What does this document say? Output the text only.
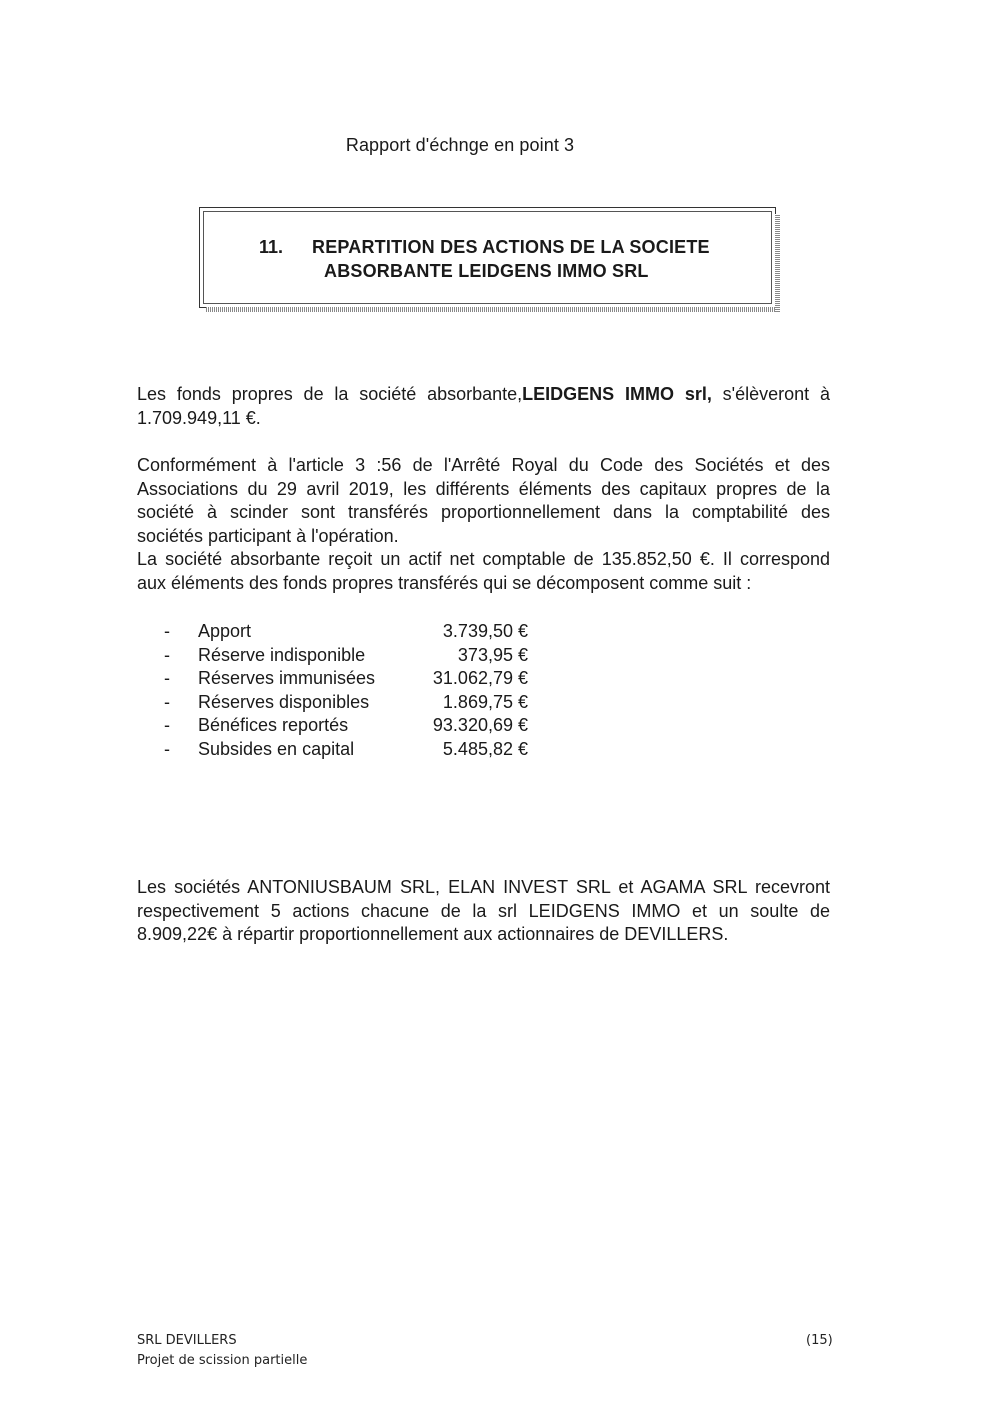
Rapport d'échnge en point 3
11. REPARTITION DES ACTIONS DE LA SOCIETE
ABSORBANTE LEIDGENS IMMO SRL
Les fonds propres de la société absorbante,LEIDGENS IMMO srl, s'élèveront à
1.709.949,11 €.
Conformément à l'article 3 :56 de l'Arrêté Royal du Code des Sociétés et des
Associations du 29 avril 2019, les différents éléments des capitaux propres de la
société à scinder sont transférés proportionnellement dans la comptabilité des
sociétés participant à l'opération.
La société absorbante reçoit un actif net comptable de 135.852,50 €. Il correspond
aux éléments des fonds propres transférés qui se décomposent comme suit :
- Apport	3.739,50 €
- Réserve indisponible	373,95 €
- Réserves immunisées	31.062,79 €
- Réserves disponibles	1.869,75 €
- Bénéfices reportés	93.320,69 €
- Subsides en capital	5.485,82 €
Les sociétés ANTONIUSBAUM SRL, ELAN INVEST SRL et AGAMA SRL recevront
respectivement 5 actions chacune de la srl LEIDGENS IMMO et un soulte de
8.909,22€ à répartir proportionnellement aux actionnaires de DEVILLERS.
SRL DEVILLERS
Projet de scission partielle
(15)
